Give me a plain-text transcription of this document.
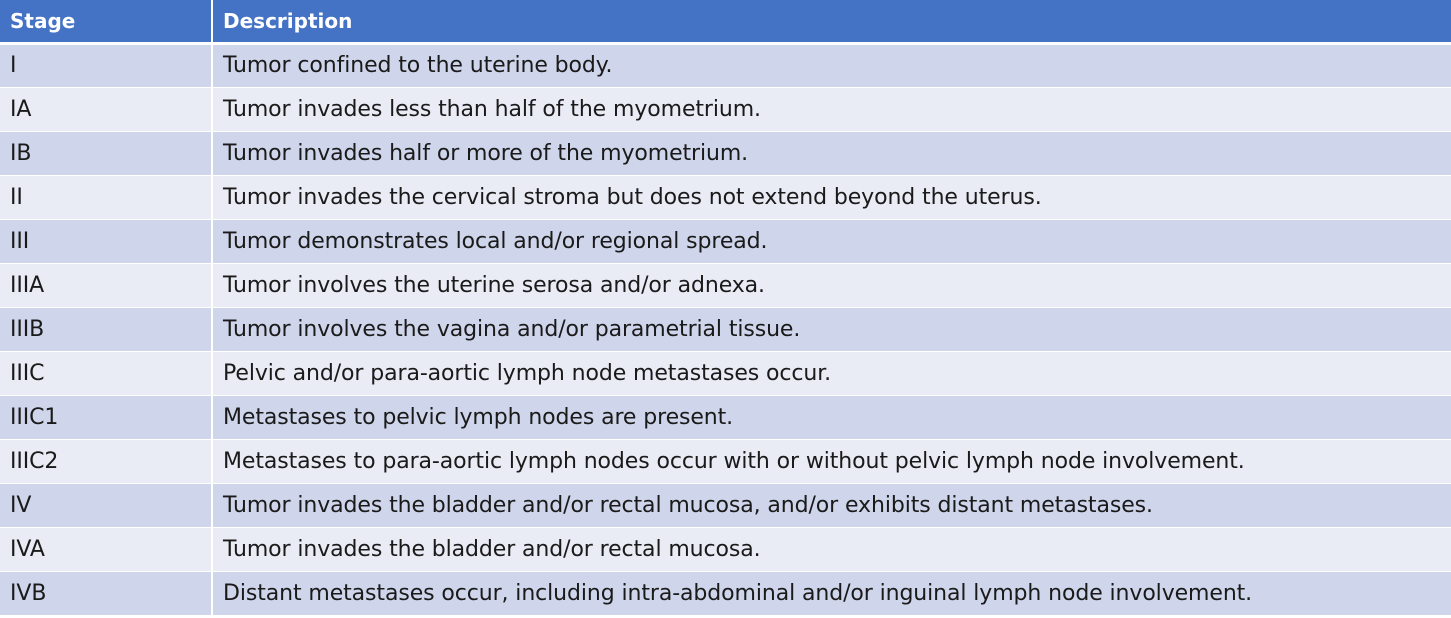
Stage	Description
I	Tumor confined to the uterine body.
IA	Tumor invades less than half of the myometrium.
IB	Tumor invades half or more of the myometrium.
II	Tumor invades the cervical stroma but does not extend beyond the uterus.
III	Tumor demonstrates local and/or regional spread.
IIIA	Tumor involves the uterine serosa and/or adnexa.
IIIB	Tumor involves the vagina and/or parametrial tissue.
IIIC	Pelvic and/or para-aortic lymph node metastases occur.
IIIC1	Metastases to pelvic lymph nodes are present.
IIIC2	Metastases to para-aortic lymph nodes occur with or without pelvic lymph node involvement.
IV	Tumor invades the bladder and/or rectal mucosa, and/or exhibits distant metastases.
IVA	Tumor invades the bladder and/or rectal mucosa.
IVB	Distant metastases occur, including intra-abdominal and/or inguinal lymph node involvement.
